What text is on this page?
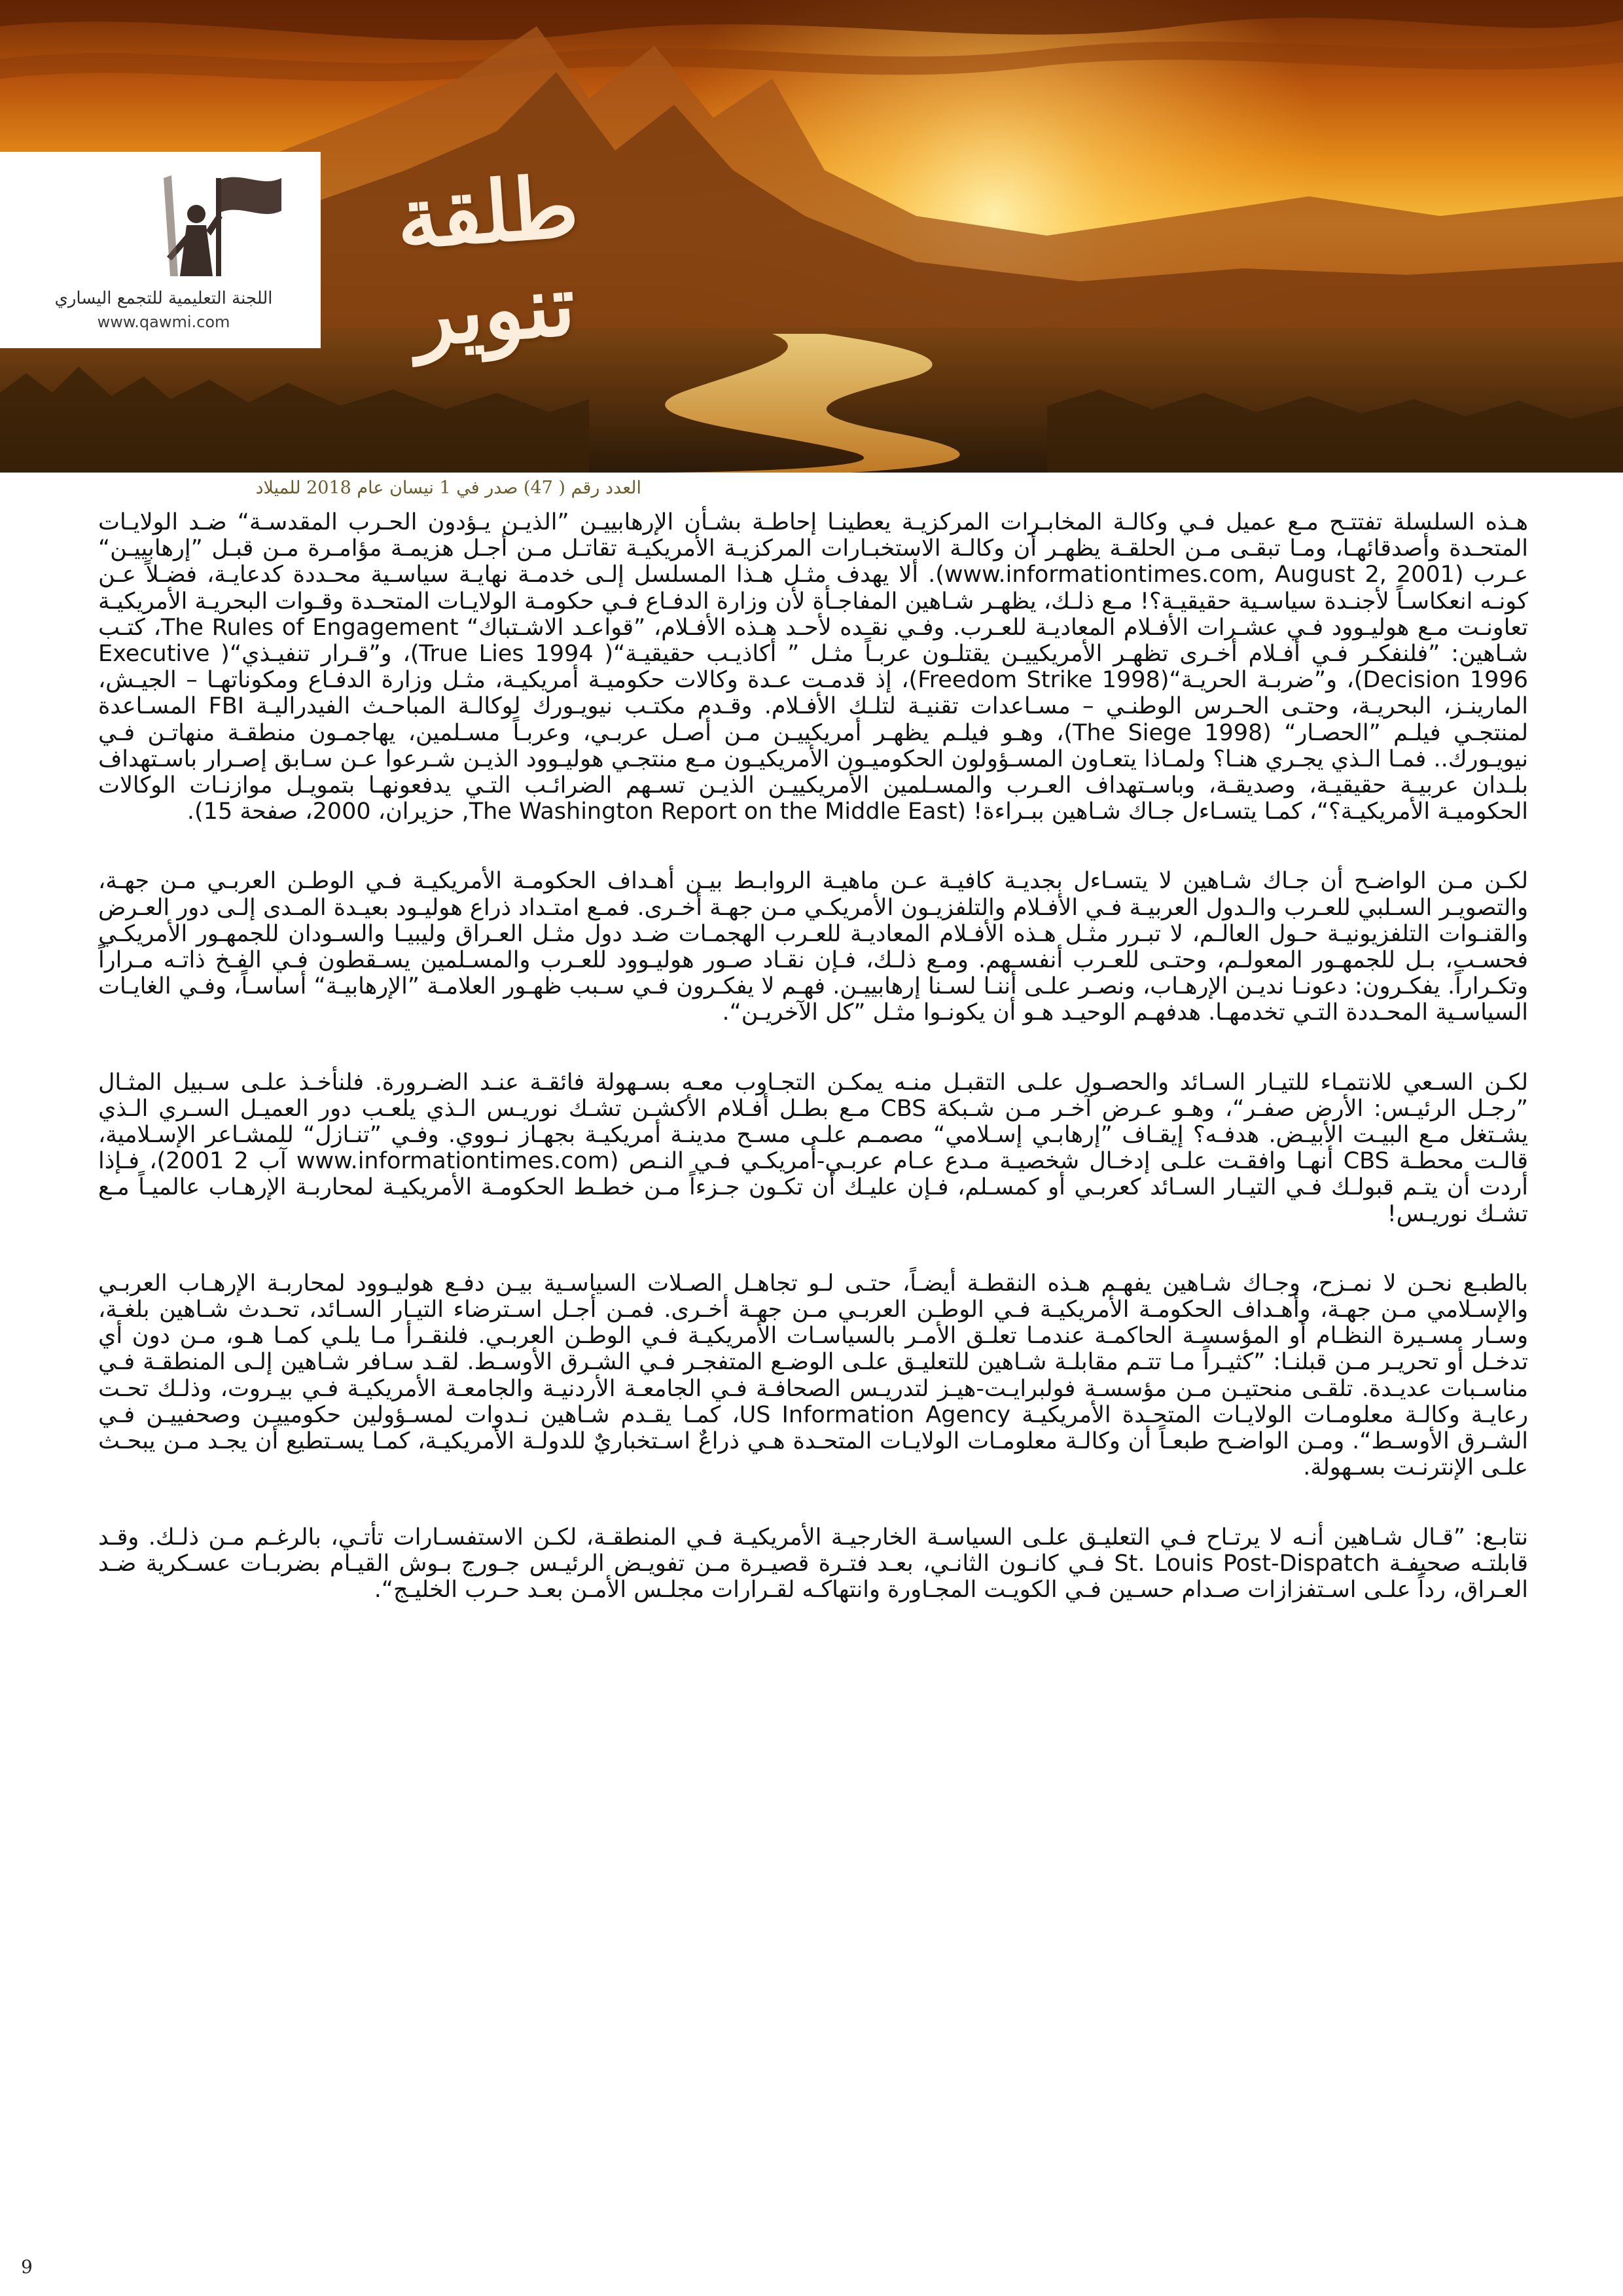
اللجنة التعليمية للتجمع اليساري
www.qawmi.com
طلقة تنوير
العدد رقم ( 47) صدر في 1 نيسان عام 2018 للميلاد

هـذه السلسلة تفتتـح مـع عميل فـي وكالـة المخابـرات المركزيـة يعطينـا إحاطـة بشـأن الإرهابييـن ”الذيـن يـؤدون الحـرب المقدسـة“ ضـد الولايـات المتحـدة وأصدقائهـا، ومـا تبقـى مـن الحلقـة يظهـر أن وكالـة الاستخبـارات المركزيـة الأمريكيـة تقاتـل مـن أجـل هزيمـة مؤامـرة مـن قبـل ”إرهابييـن“ عـرب (www.informationtimes.com, August 2, 2001). ألا يهدف مثـل هـذا المسلسل إلـى خدمـة نهايـة سياسـية محـددة كدعايـة، فضـلاً عـن كونـه انعكاسـاً لأجنـدة سياسـية حقيقيـة؟! مـع ذلـك، يظهـر شـاهين المفاجـأة لأن وزارة الدفـاع فـي حكومـة الولايـات المتحـدة وقـوات البحريـة الأمريكيـة تعاونـت مـع هوليـوود فـي عشـرات الأفـلام المعاديـة للعـرب. وفـي نقـده لأحـد هـذه الأفـلام، ”قواعـد الاشـتباك“ The Rules of Engagement، كتـب شـاهين: ”فلنفكـر فـي أفـلام أخـرى تظهـر الأمريكييـن يقتلـون عربـاً مثـل ” أكاذيـب حقيقيـة“( True Lies 1994)، و”قـرار تنفيـذي“( Executive Decision 1996)، و”ضربـة الحريـة“(Freedom Strike 1998)، إذ قدمـت عـدة وكالات حكوميـة أمريكيـة، مثـل وزارة الدفـاع ومكوناتهـا – الجيـش، المارينـز، البحريـة، وحتـى الحـرس الوطنـي – مسـاعدات تقنيـة لتلـك الأفـلام. وقـدم مكتـب نيويـورك لوكالـة المباحـث الفيدراليـة FBI المسـاعدة لمنتجـي فيلـم ”الحصـار“ (The Siege 1998)، وهـو فيلـم يظهـر أمريكييـن مـن أصـل عربـي، وعربـاً مسـلمين، يهاجمـون منطقـة منهاتـن فـي نيويـورك.. فمـا الـذي يجـري هنـا؟ ولمـاذا يتعـاون المسـؤولون الحكوميـون الأمريكيـون مـع منتجـي هوليـوود الذيـن شـرعوا عـن سـابق إصـرار باسـتهداف بلـدان عربيـة حقيقيـة، وصديقـة، وباسـتهداف العـرب والمسـلمين الأمريكييـن الذيـن تسـهم الضرائـب التـي يدفعونهـا بتمويـل موازنـات الوكالات الحكوميـة الأمريكيـة؟“، كمـا يتسـاءل جـاك شـاهين ببـراءة! (The Washington Report on the Middle East, حزيران، 2000، صفحة 15).

لكـن مـن الواضـح أن جـاك شـاهين لا يتسـاءل بجديـة كافيـة عـن ماهيـة الروابـط بيـن أهـداف الحكومـة الأمريكيـة فـي الوطـن العربـي مـن جهـة، والتصويـر السـلبي للعـرب والـدول العربيـة فـي الأفـلام والتلفزيـون الأمريكـي مـن جهـة أخـرى. فمـع امتـداد ذراع هوليـود بعيـدة المـدى إلـى دور العـرض والقنـوات التلفزيونيـة حـول العالـم، لا تبـرر مثـل هـذه الأفـلام المعاديـة للعـرب الهجمـات ضـد دول مثـل العـراق وليبيـا والسـودان للجمهـور الأمريكـي فحسـب، بـل للجمهـور المعولـم، وحتـى للعـرب أنفسـهم. ومـع ذلـك، فـإن نقـاد صـور هوليـوود للعـرب والمسـلمين يسـقطون فـي الفـخ ذاتـه مـراراً وتكـراراً. يفكـرون: دعونـا نديـن الإرهـاب، ونصـر علـى أننـا لسـنا إرهابييـن. فهـم لا يفكـرون فـي سـبب ظهـور العلامـة ”الإرهابيـة“ أساسـاً، وفـي الغايـات السياسـية المحـددة التـي تخدمهـا. هدفهـم الوحيـد هـو أن يكونـوا مثـل ”كل الآخريـن“.

لكـن السـعي للانتمـاء للتيـار السـائد والحصـول علـى التقبـل منـه يمكـن التجـاوب معـه بسـهولة فائقـة عنـد الضـرورة. فلنأخـذ علـى سـبيل المثـال ”رجـل الرئيـس: الأرض صفـر“، وهـو عـرض آخـر مـن شـبكة CBS مـع بطـل أفـلام الأكشـن تشـك نوريـس الـذي يلعـب دور العميـل السـري الـذي يشـتغل مـع البيـت الأبيـض. هدفـه؟ إيقـاف ”إرهابـي إسـلامي“ مصمـم علـى مسـح مدينـة أمريكيـة بجهـاز نـووي. وفـي ”تنـازل“ للمشـاعر الإسـلامية، قالـت محطـة CBS أنهـا وافقـت علـى إدخـال شخصيـة مـدع عـام عربـي-أمريكـي فـي النـص (www.informationtimes.com آب 2 2001)، فـإذا أردت أن يتـم قبولـك فـي التيـار السـائد كعربـي أو كمسـلم، فـإن عليـك أن تكـون جـزءاً مـن خطـط الحكومـة الأمريكيـة لمحاربـة الإرهـاب عالميـاً مـع تشـك نوريـس!

بالطبـع نحـن لا نمـزح، وجـاك شـاهين يفهـم هـذه النقطـة أيضـاً، حتـى لـو تجاهـل الصـلات السياسـية بيـن دفـع هوليـوود لمحاربـة الإرهـاب العربـي والإسـلامي مـن جهـة، وأهـداف الحكومـة الأمريكيـة فـي الوطـن العربـي مـن جهـة أخـرى. فمـن أجـل اسـترضاء التيـار السـائد، تحـدث شـاهين بلغـة، وسـار مسـيرة النظـام أو المؤسسـة الحاكمـة عندمـا تعلـق الأمـر بالسياسـات الأمريكيـة فـي الوطـن العربـي. فلنقـرأ مـا يلـي كمـا هـو، مـن دون أي تدخـل أو تحريـر مـن قبلنـا: ”كثيـراً مـا تتـم مقابلـة شـاهين للتعليـق علـى الوضـع المتفجـر فـي الشـرق الأوسـط. لقـد سـافر شـاهين إلـى المنطقـة فـي مناسـبات عديـدة. تلقـى منحتيـن مـن مؤسسـة فولبرايـت-هيـز لتدريـس الصحافـة فـي الجامعـة الأردنيـة والجامعـة الأمريكيـة فـي بيـروت، وذلـك تحـت رعايـة وكالـة معلومـات الولايـات المتحـدة الأمريكيـة US Information Agency، كمـا يقـدم شـاهين نـدوات لمسـؤولين حكومييـن وصحفييـن فـي الشـرق الأوسـط“. ومـن الواضـح طبعـاً أن وكالـة معلومـات الولايـات المتحـدة هـي ذراعٌ اسـتخباريٌ للدولـة الأمريكيـة، كمـا يسـتطيع أن يجـد مـن يبحـث علـى الإنترنـت بسـهولة.

نتابـع: ”قـال شـاهين أنـه لا يرتـاح فـي التعليـق علـى السياسـة الخارجيـة الأمريكيـة فـي المنطقـة، لكـن الاستفسـارات تأتـي، بالرغـم مـن ذلـك. وقـد قابلتـه صحيفـة St. Louis Post-Dispatch فـي كانـون الثانـي، بعـد فتـرة قصيـرة مـن تفويـض الرئيـس جـورج بـوش القيـام بضربـات عسـكرية ضـد العـراق، رداً علـى اسـتفزازات صـدام حسـين فـي الكويـت المجـاورة وانتهاكـه لقـرارات مجلـس الأمـن بعـد حـرب الخليـج“.

9
